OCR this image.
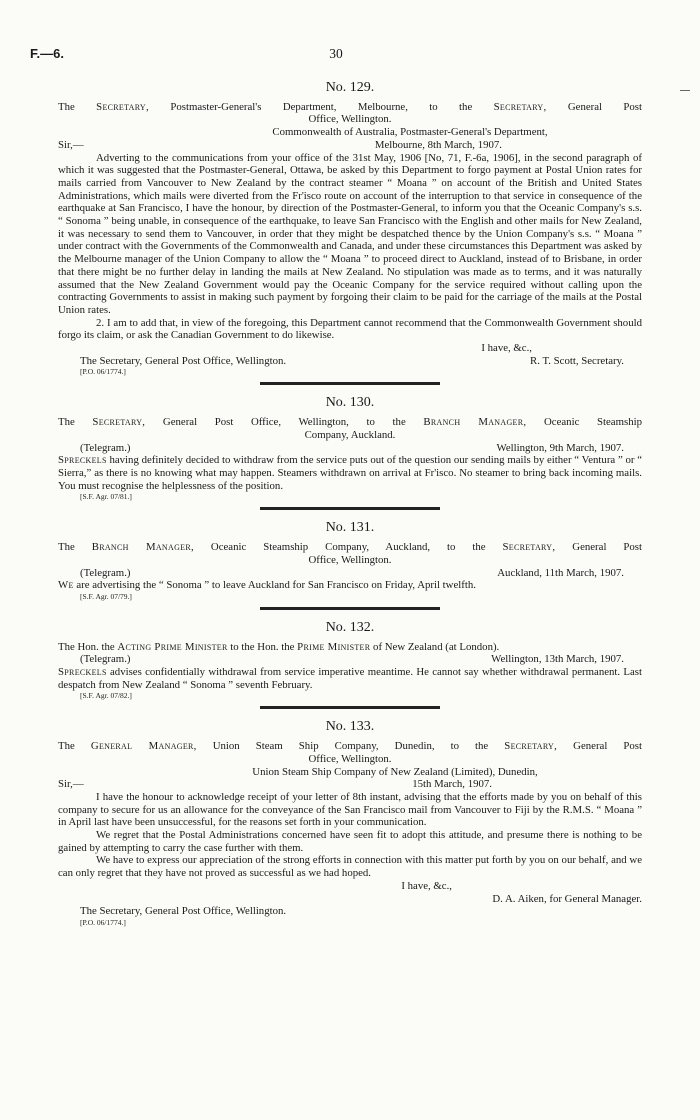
F.—6.	30

No. 129.

The Secretary, Postmaster-General's Department, Melbourne, to the Secretary, General Post
Office, Wellington.

Commonwealth of Australia, Postmaster-General's Department,

Sir,—	Melbourne, 8th March, 1907.

Adverting to the communications from your office of the 31st May, 1906 [No, 71, F.-6a, 1906], in the second paragraph of which it was suggested that the Postmaster-General, Ottawa, be asked by this Department to forgo payment at Postal Union rates for mails carried from Vancouver to New Zealand by the contract steamer “ Moana ” on account of the British and United States Administrations, which mails were diverted from the Fr'isco route on account of the interruption to that service in consequence of the earthquake at San Francisco, I have the honour, by direction of the Postmaster-General, to inform you that the Oceanic Company's s.s. “ Sonoma ” being unable, in consequence of the earthquake, to leave San Francisco with the English and other mails for New Zealand, it was necessary to send them to Vancouver, in order that they might be despatched thence by the Union Company's s.s. “ Moana ” under contract with the Governments of the Commonwealth and Canada, and under these circumstances this Department was asked by the Melbourne manager of the Union Company to allow the “ Moana ” to proceed direct to Auckland, instead of to Brisbane, in order that there might be no further delay in landing the mails at New Zealand. No stipulation was made as to terms, and it was naturally assumed that the New Zealand Government would pay the Oceanic Company for the service required without calling upon the contracting Governments to assist in making such payment by forgoing their claim to be paid for the carriage of the mails at the Postal Union rates.

2. I am to add that, in view of the foregoing, this Department cannot recommend that the Commonwealth Government should forgo its claim, or ask the Canadian Government to do likewise.

I have, &c.,

The Secretary, General Post Office, Wellington.	R. T. Scott, Secretary.

[P.O. 06/1774.]

No. 130.

The Secretary, General Post Office, Wellington, to the Branch Manager, Oceanic Steamship
Company, Auckland.

(Telegram.)	Wellington, 9th March, 1907.

Spreckels having definitely decided to withdraw from the service puts out of the question our sending mails by either “ Ventura ” or “ Sierra,” as there is no knowing what may happen. Steamers withdrawn on arrival at Fr'isco. No steamer to bring back incoming mails. You must recognise the helplessness of the position.

[S.F. Agr. 07/81.]

No. 131.

The Branch Manager, Oceanic Steamship Company, Auckland, to the Secretary, General Post
Office, Wellington.

(Telegram.)	Auckland, 11th March, 1907.

We are advertising the “ Sonoma ” to leave Auckland for San Francisco on Friday, April twelfth.

[S.F. Agr. 07/79.]

No. 132.

The Hon. the Acting Prime Minister to the Hon. the Prime Minister of New Zealand (at London).

(Telegram.)	Wellington, 13th March, 1907.

Spreckels advises confidentially withdrawal from service imperative meantime. He cannot say whether withdrawal permanent. Last despatch from New Zealand “ Sonoma ” seventh February.

[S.F. Agr. 07/82.]

No. 133.

The General Manager, Union Steam Ship Company, Dunedin, to the Secretary, General Post
Office, Wellington.

Union Steam Ship Company of New Zealand (Limited), Dunedin,

Sir,—	15th March, 1907.

I have the honour to acknowledge receipt of your letter of 8th instant, advising that the efforts made by you on behalf of this company to secure for us an allowance for the conveyance of the San Francisco mail from Vancouver to Fiji by the R.M.S. “ Moana ” in April last have been unsuccessful, for the reasons set forth in your communication.

We regret that the Postal Administrations concerned have seen fit to adopt this attitude, and presume there is nothing to be gained by attempting to carry the case further with them.

We have to express our appreciation of the strong efforts in connection with this matter put forth by you on our behalf, and we can only regret that they have not proved as successful as we had hoped.

I have, &c.,

D. A. Aiken, for General Manager.

The Secretary, General Post Office, Wellington.

[P.O. 06/1774.]
